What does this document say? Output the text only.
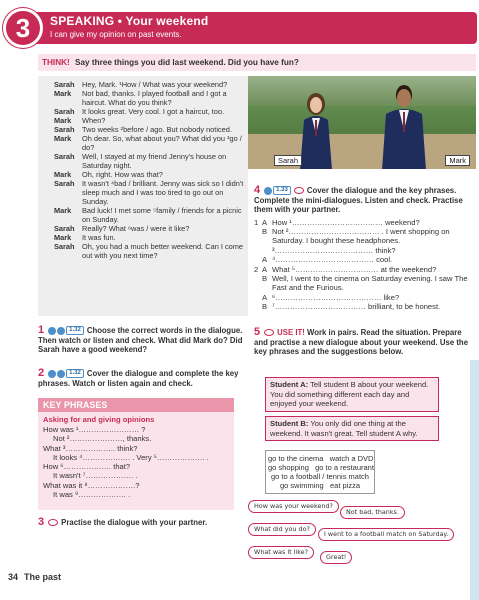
3	SPEAKING • Your weekend
I can give my opinion on past events.
THINK! Say three things you did last weekend. Did you have fun?
Sarah	Hey, Mark. ¹How / What was your weekend?
Mark	Not bad, thanks. I played football and I got a haircut. What do you think?
Sarah	It looks great. Very cool. I got a haircut, too.
Mark	When?
Sarah	Two weeks ²before / ago. But nobody noticed.
Mark	Oh dear. So, what about you? What did you ³go / do?
Sarah	Well, I stayed at my friend Jenny's house on Saturday night.
Mark	Oh, right. How was that?
Sarah	It wasn't ⁴bad / brilliant. Jenny was sick so I didn't sleep much and I was too tired to go out on Sunday.
Mark	Bad luck! I met some ⁵family / friends for a picnic on Sunday.
Sarah	Really? What ⁶was / were it like?
Mark	It was fun.
Sarah	Oh, you had a much better weekend. Can I come out with you next time?
Sarah	Mark
1	1.32 Choose the correct words in the dialogue. Then watch or listen and check. What did Mark do? Did Sarah have a good weekend?
2	1.32 Cover the dialogue and complete the key phrases. Watch or listen again and check.
KEY PHRASES
Asking for and giving opinions
How was ¹…………………… ?
Not ²…………………, thanks.
What ³……………….. think?
It looks ⁴………………. . Very ⁵………………. .
How ⁶………………. that?
It wasn't ⁷………………. .
What was it ⁸……………….?
It was ⁹………………. .
3 Practise the dialogue with your partner.
4	1.33 Cover the dialogue and the key phrases. Complete the mini-dialogues. Listen and check. Practise them with your partner.
1 A How ¹……………………………… weekend?
B Not ²……………………………… . I went shopping on Saturday. I bought these headphones. ³………………………………… think?
A ⁴………………………………… cool.
2 A What ⁵…………………………… at the weekend?
B Well, I went to the cinema on Saturday evening. I saw The Fast and the Furious.
A ⁶…………………………………… like?
B ⁷……………………………… brilliant, to be honest.
5 USE IT! Work in pairs. Read the situation. Prepare and practise a new dialogue about your weekend. Use the key phrases and the suggestions below.
Student A: Tell student B about your weekend. You did something different each day and enjoyed your weekend.
Student B: You only did one thing at the weekend. It wasn't great. Tell student A why.
go to the cinema   watch a DVD
go shopping   go to a restaurant
go to a football / tennis match
go swimming   eat pizza
How was your weekend?
Not bad, thanks.
What did you do?
I went to a football match on Saturday.
What was it like?
Great!
34 The past
